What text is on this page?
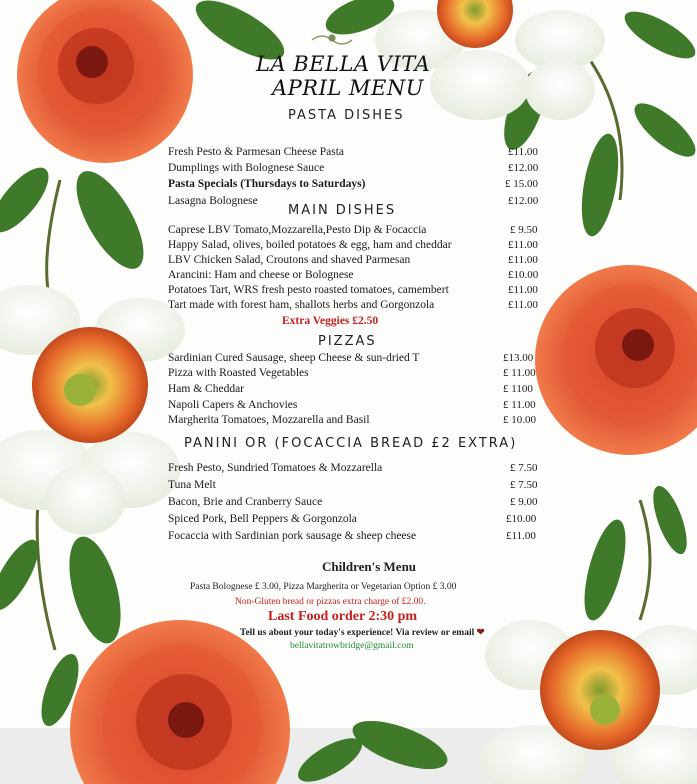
LA BELLA VITA
APRIL MENU
PASTA DISHES
Fresh Pesto & Parmesan Cheese Pasta	£11.00
Dumplings with Bolognese Sauce	£12.00
Pasta Specials (Thursdays to Saturdays)	£ 15.00
Lasagna Bolognese	£12.00
MAIN DISHES
Caprese LBV Tomato,Mozzarella,Pesto Dip & Focaccia	£ 9.50
Happy Salad, olives, boiled potatoes & egg, ham and cheddar	£11.00
LBV Chicken Salad, Croutons and shaved Parmesan	£11.00
Arancini: Ham and cheese or Bolognese	£10.00
Potatoes Tart, WRS fresh pesto roasted tomatoes, camembert	£11.00
Tart made with forest ham, shallots herbs and Gorgonzola	£11.00
Extra Veggies £2.50
PIZZAS
Sardinian Cured Sausage, sheep Cheese & sun-dried T	£13.00
Pizza with Roasted Vegetables	£ 11.00
Ham & Cheddar	£ 1100
Napoli Capers & Anchovies	£ 11.00
Margherita Tomatoes, Mozzarella and Basil	£ 10.00
PANINI OR (FOCACCIA BREAD £2 EXTRA)
Fresh Pesto, Sundried Tomatoes & Mozzarella	£ 7.50
Tuna Melt	£ 7.50
Bacon, Brie and Cranberry Sauce	£ 9.00
Spiced Pork, Bell Peppers & Gorgonzola	£10.00
Focaccia with Sardinian pork sausage & sheep cheese	£11.00
Children's Menu
Pasta Bolognese £ 3.00, Pizza Margherita or Vegetarian Option £ 3.00
Non-Gluten bread or pizzas extra charge of £2.00.
Last Food order 2:30 pm
Tell us about your today's experience! Via review or email ❤
bellavitatrowbridge@gmail.com
